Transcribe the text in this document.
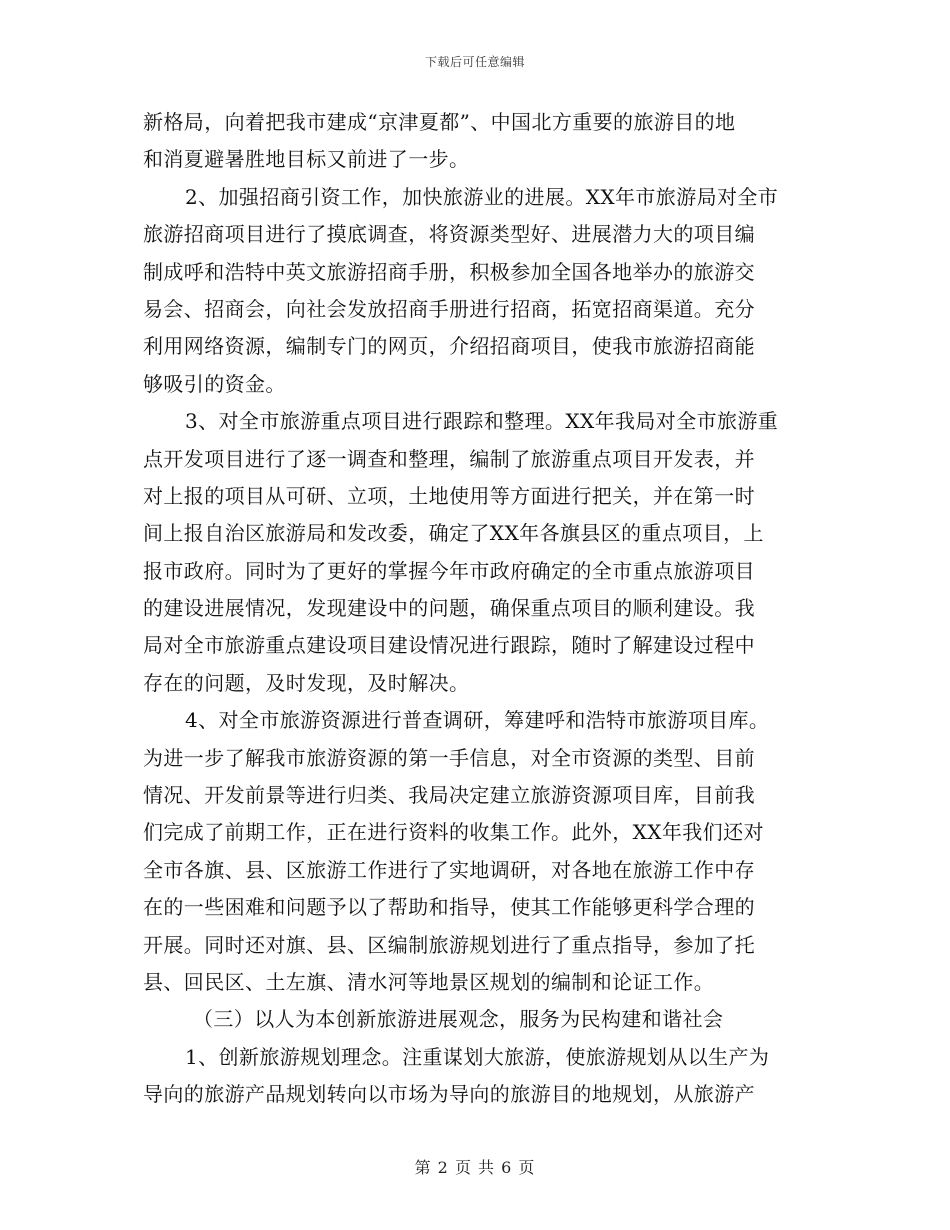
下载后可任意编辑
新格局，向着把我市建成“京津夏都”、中国北方重要的旅游目的地
和消夏避暑胜地目标又前进了一步。
2、加强招商引资工作，加快旅游业的进展。XX年市旅游局对全市
旅游招商项目进行了摸底调查，将资源类型好、进展潜力大的项目编
制成呼和浩特中英文旅游招商手册，积极参加全国各地举办的旅游交
易会、招商会，向社会发放招商手册进行招商，拓宽招商渠道。充分
利用网络资源，编制专门的网页，介绍招商项目，使我市旅游招商能
够吸引的资金。
3、对全市旅游重点项目进行跟踪和整理。XX年我局对全市旅游重
点开发项目进行了逐一调查和整理，编制了旅游重点项目开发表，并
对上报的项目从可研、立项，土地使用等方面进行把关，并在第一时
间上报自治区旅游局和发改委，确定了XX年各旗县区的重点项目，上
报市政府。同时为了更好的掌握今年市政府确定的全市重点旅游项目
的建设进展情况，发现建设中的问题，确保重点项目的顺利建设。我
局对全市旅游重点建设项目建设情况进行跟踪，随时了解建设过程中
存在的问题，及时发现，及时解决。
4、对全市旅游资源进行普查调研，筹建呼和浩特市旅游项目库。
为进一步了解我市旅游资源的第一手信息，对全市资源的类型、目前
情况、开发前景等进行归类、我局决定建立旅游资源项目库，目前我
们完成了前期工作，正在进行资料的收集工作。此外，XX年我们还对
全市各旗、县、区旅游工作进行了实地调研，对各地在旅游工作中存
在的一些困难和问题予以了帮助和指导，使其工作能够更科学合理的
开展。同时还对旗、县、区编制旅游规划进行了重点指导，参加了托
县、回民区、土左旗、清水河等地景区规划的编制和论证工作。
（三）以人为本创新旅游进展观念，服务为民构建和谐社会
1、创新旅游规划理念。注重谋划大旅游，使旅游规划从以生产为
导向的旅游产品规划转向以市场为导向的旅游目的地规划，从旅游产
第 2 页 共 6 页
